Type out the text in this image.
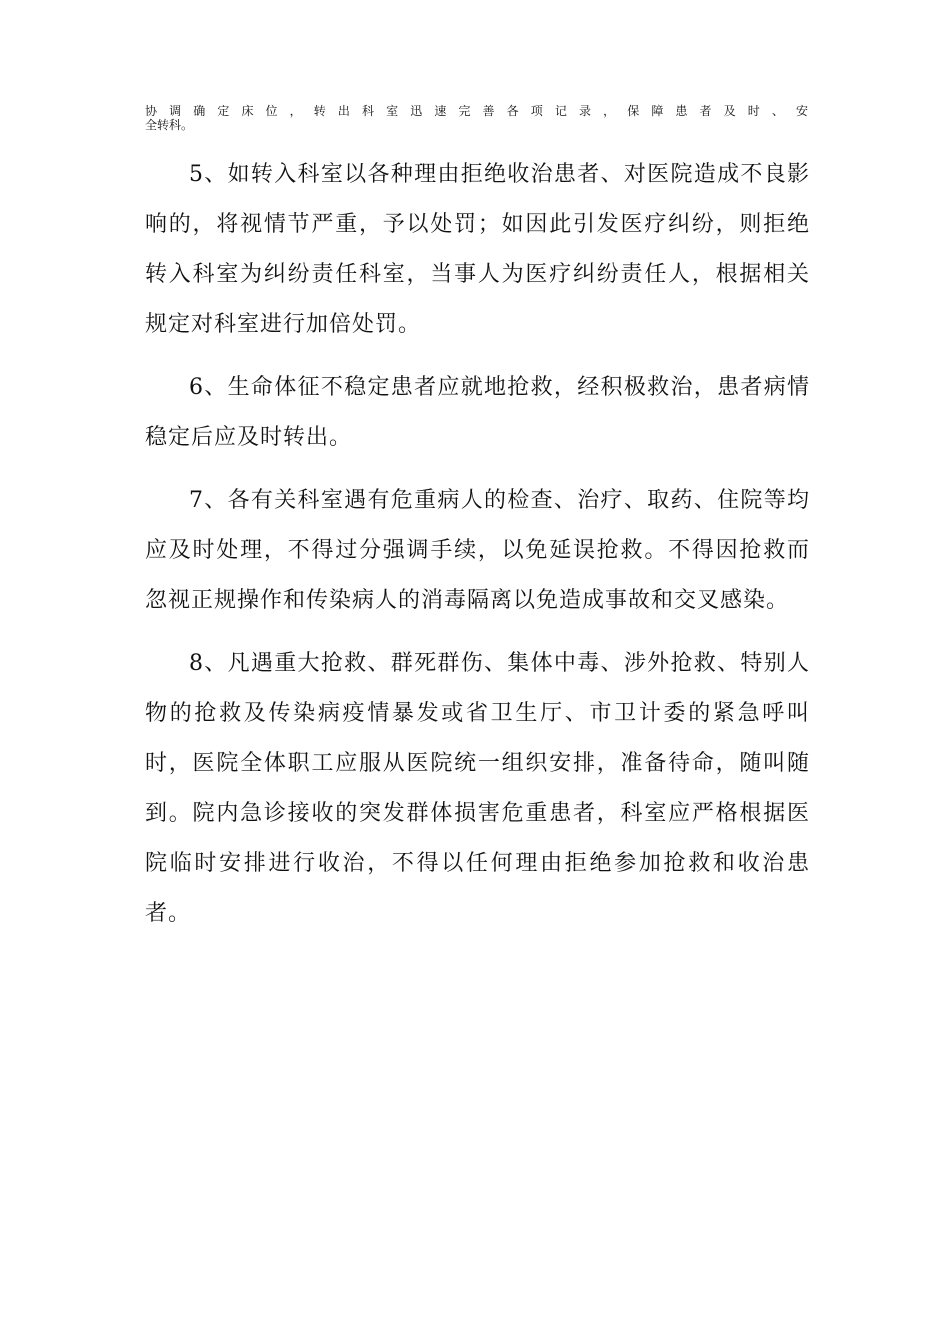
协调确定床位，转出科室迅速完善各项记录，保障患者及时、安
全转科。

5、如转入科室以各种理由拒绝收治患者、对医院造成不良影响的，将视情节严重，予以处罚；如因此引发医疗纠纷，则拒绝转入科室为纠纷责任科室，当事人为医疗纠纷责任人，根据相关规定对科室进行加倍处罚。

6、生命体征不稳定患者应就地抢救，经积极救治，患者病情稳定后应及时转出。

7、各有关科室遇有危重病人的检查、治疗、取药、住院等均应及时处理，不得过分强调手续，以免延误抢救。不得因抢救而忽视正规操作和传染病人的消毒隔离以免造成事故和交叉感染。

8、凡遇重大抢救、群死群伤、集体中毒、涉外抢救、特别人物的抢救及传染病疫情暴发或省卫生厅、市卫计委的紧急呼叫时，医院全体职工应服从医院统一组织安排，准备待命，随叫随到。院内急诊接收的突发群体损害危重患者，科室应严格根据医院临时安排进行收治，不得以任何理由拒绝参加抢救和收治患者。
